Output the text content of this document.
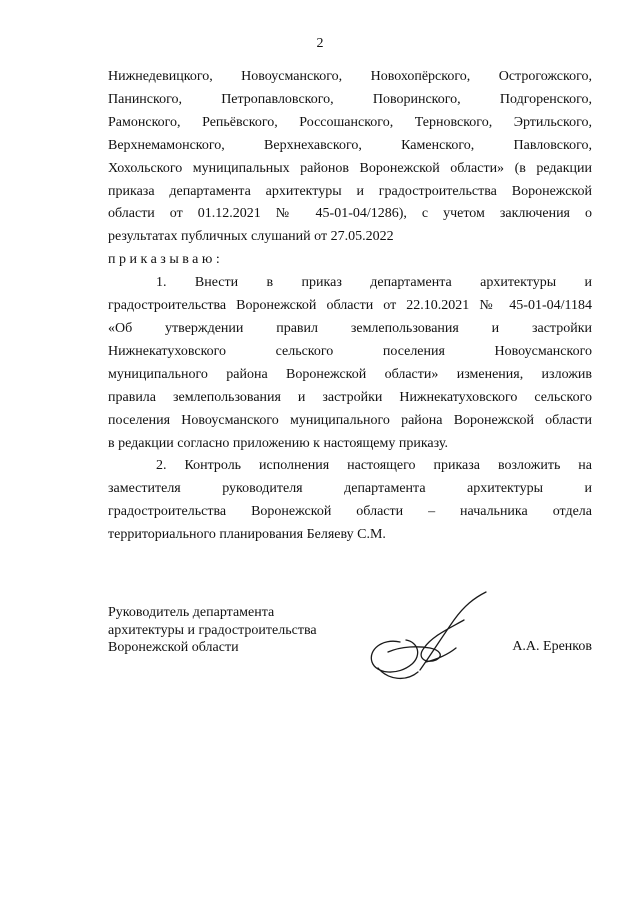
2

Нижнедевицкого, Новоусманского, Новохопёрского, Острогожского,

Панинского, Петропавловского, Поворинского, Подгоренского,

Рамонского, Репьёвского, Россошанского, Терновского, Эртильского,

Верхнемамонского, Верхнехавского, Каменского, Павловского,

Хохольского муниципальных районов Воронежской области» (в редакции

приказа департамента архитектуры и градостроительства Воронежской

области от 01.12.2021 № 45-01-04/1286), с учетом заключения о

результатах публичных слушаний от 27.05.2022

приказываю:

1. Внести в приказ департамента архитектуры и

градостроительства Воронежской области от 22.10.2021 № 45-01-04/1184

«Об утверждении правил землепользования и застройки

Нижнекатуховского сельского поселения Новоусманского

муниципального района Воронежской области» изменения, изложив

правила землепользования и застройки Нижнекатуховского сельского

поселения Новоусманского муниципального района Воронежской области

в редакции согласно приложению к настоящему приказу.

2. Контроль исполнения настоящего приказа возложить на

заместителя руководителя департамента архитектуры и

градостроительства Воронежской области – начальника отдела

территориального планирования Беляеву С.М.

Руководитель департамента

архитектуры и градостроительства

Воронежской области	А.А. Еренков
